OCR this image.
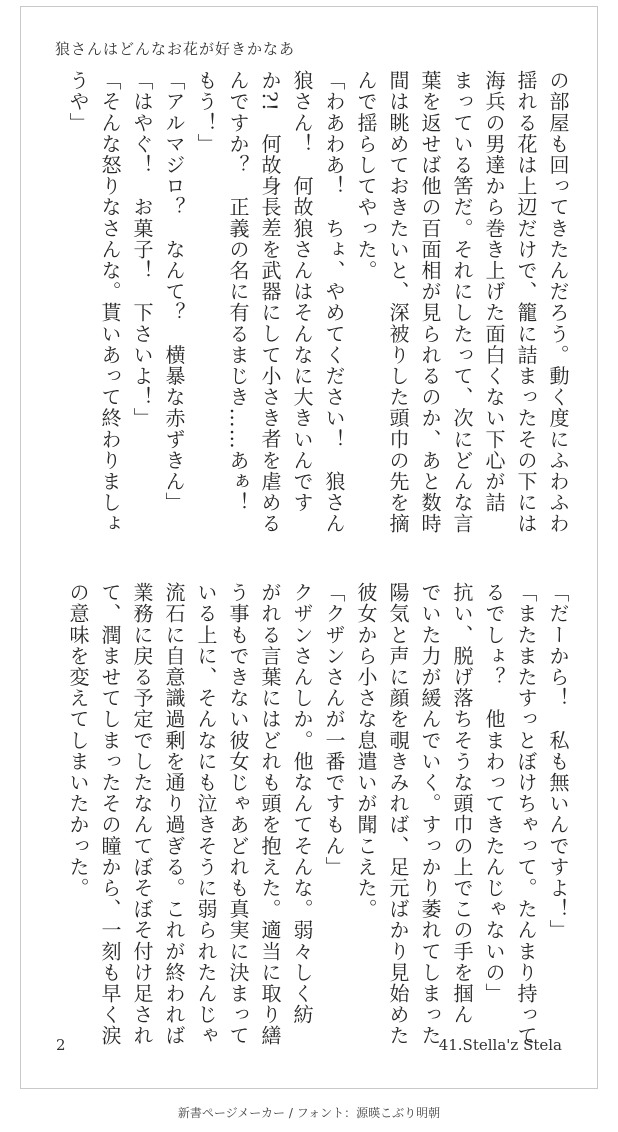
狼さんはどんなお花が好きかなあ
の部屋も回ってきたんだろう。動く度にふわふわ
揺れる花は上辺だけで、籠に詰まったその下には
海兵の男達から巻き上げた面白くない下心が詰
まっている筈だ。それにしたって、次にどんな言
葉を返せば他の百面相が見られるのか、あと数時
間は眺めておきたいと、深被りした頭巾の先を摘
んで揺らしてやった。
「わあわあ！　ちょ、やめてください！　狼さん
狼さん！　何故狼さんはそんなに大きいんです
か?!　何故身長差を武器にして小さき者を虐める
んですか？　正義の名に有るまじき……あぁ！
もう！」
「アルマジロ？　なんて？　横暴な赤ずきん」
「はやぐ！　お菓子！　下さいよ！」
「そんな怒りなさんな。貰いあって終わりましょ
うや」
「だーから！　私も無いんですよ！」
「またまたすっとぼけちゃって。たんまり持って
るでしょ？　他まわってきたんじゃないの」
抗い、脱げ落ちそうな頭巾の上でこの手を掴ん
でいた力が緩んでいく。すっかり萎れてしまった
陽気と声に顔を覗きみれば、足元ばかり見始めた
彼女から小さな息遣いが聞こえた。
「クザンさんが一番ですもん」
クザンさんしか。他なんてそんな。弱々しく紡
がれる言葉にはどれも頭を抱えた。適当に取り繕
う事もできない彼女じゃあどれも真実に決まって
いる上に、そんなにも泣きそうに弱られたんじゃ
流石に自意識過剰を通り過ぎる。これが終われば
業務に戻る予定でしたなんてぼそぼそ付け足され
て、潤ませてしまったその瞳から、一刻も早く涙
の意味を変えてしまいたかった。
2	41.Stella'z Stela
新書ページメーカー / フォント：源暎こぶり明朝
